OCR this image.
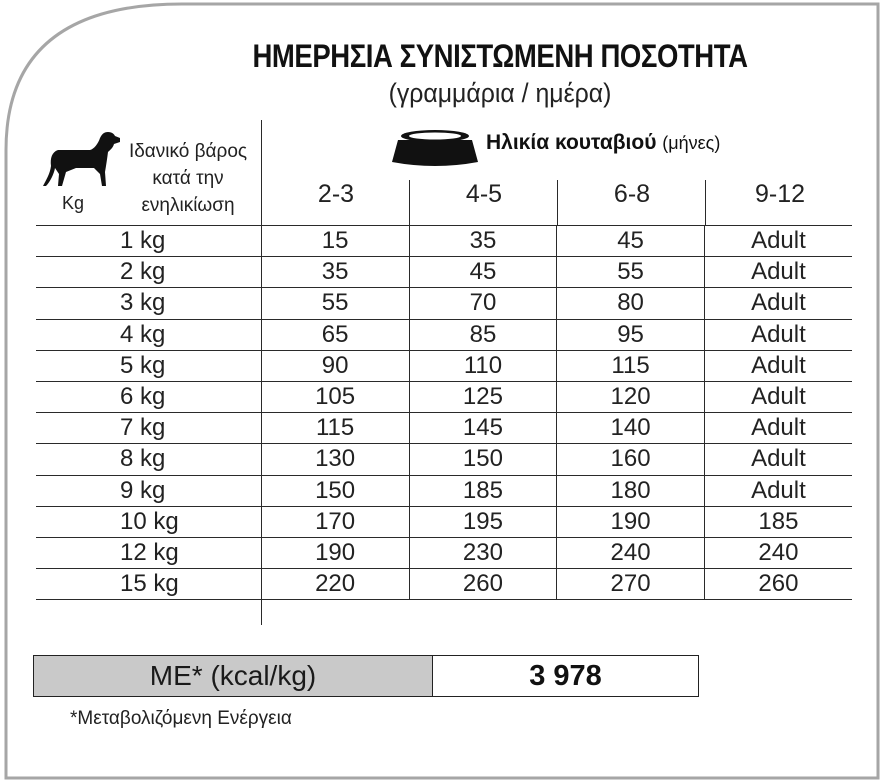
ΗΜΕΡΗΣΙΑ ΣΥΝΙΣΤΩΜΕΝΗ ΠΟΣΟΤΗΤΑ
(γραμμάρια / ημέρα)
Ιδανικό βάρος
κατά την
ενηλικίωση
Kg
Ηλικία κουταβιού (μήνες)
2-3	4-5	6-8	9-12
1 kg	15	35	45	Adult
2 kg	35	45	55	Adult
3 kg	55	70	80	Adult
4 kg	65	85	95	Adult
5 kg	90	110	115	Adult
6 kg	105	125	120	Adult
7 kg	115	145	140	Adult
8 kg	130	150	160	Adult
9 kg	150	185	180	Adult
10 kg	170	195	190	185
12 kg	190	230	240	240
15 kg	220	260	270	260
ME* (kcal/kg)	3 978
*Μεταβολιζόμενη Ενέργεια
